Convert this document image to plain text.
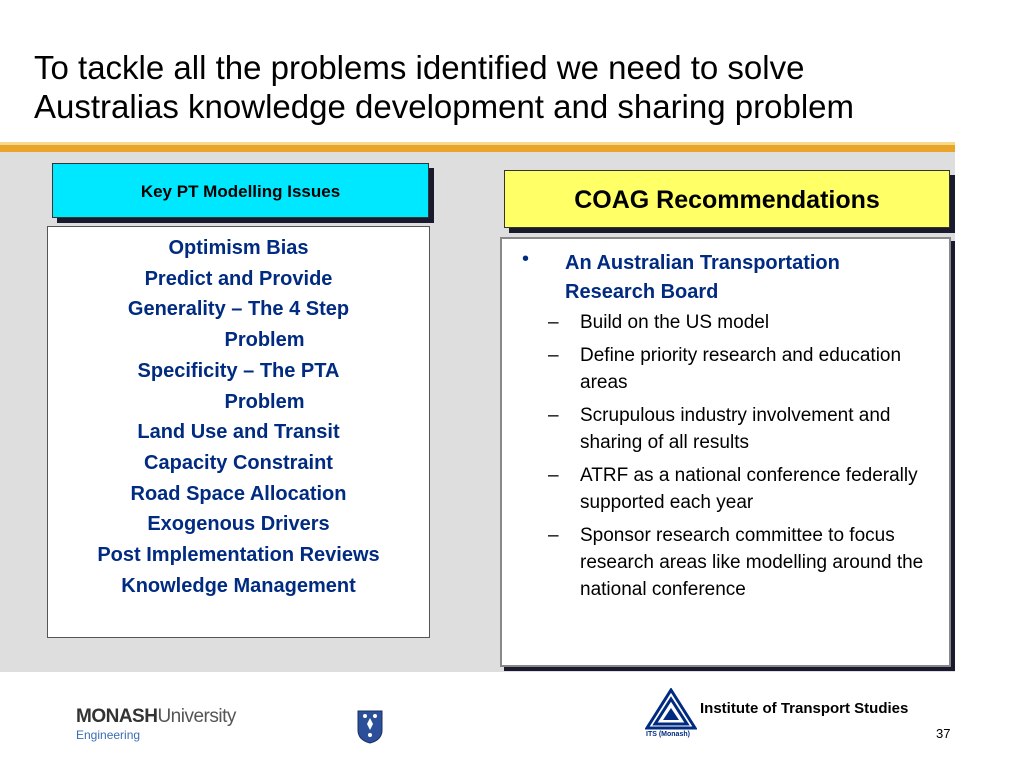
To tackle all the problems identified we need to solve
Australias knowledge development and sharing problem
Key PT Modelling Issues	COAG Recommendations
Optimism Bias
Predict and Provide
Generality – The 4 Step
Problem
Specificity – The PTA
Problem
Land Use and Transit
Capacity Constraint
Road Space Allocation
Exogenous Drivers
Post Implementation Reviews
Knowledge Management
• An Australian Transportation Research Board
– Build on the US model
– Define priority research and education areas
– Scrupulous industry involvement and sharing of all results
– ATRF as a national conference federally supported each year
– Sponsor research committee to focus research areas like modelling around the national conference
MONASHUniversity
Engineering	ITS (Monash)
Institute of Transport Studies
37
